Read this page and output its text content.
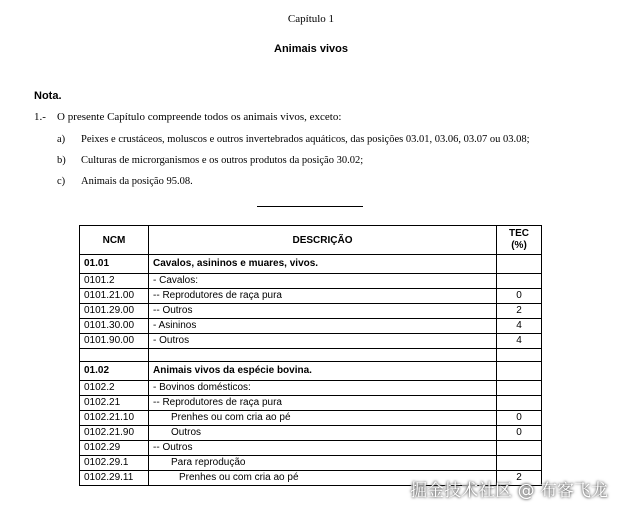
Capítulo 1
Animais vivos
Nota.
1.- O presente Capítulo compreende todos os animais vivos, exceto:
a) Peixes e crustáceos, moluscos e outros invertebrados aquáticos, das posições 03.01, 03.06, 03.07 ou 03.08;
b) Culturas de microrganismos e os outros produtos da posição 30.02;
c) Animais da posição 95.08.
NCM	DESCRIÇÃO	TEC (%)
01.01	Cavalos, asininos e muares, vivos.	
0101.2	- Cavalos:	
0101.21.00	-- Reprodutores de raça pura	0
0101.29.00	-- Outros	2
0101.30.00	- Asininos	4
0101.90.00	- Outros	4

01.02	Animais vivos da espécie bovina.	
0102.2	- Bovinos domésticos:	
0102.21	-- Reprodutores de raça pura	
0102.21.10	Prenhes ou com cria ao pé	0
0102.21.90	Outros	0
0102.29	-- Outros	
0102.29.1	Para reprodução	
0102.29.11	Prenhes ou com cria ao pé	2
掘金技术社区 @ 布客飞龙
